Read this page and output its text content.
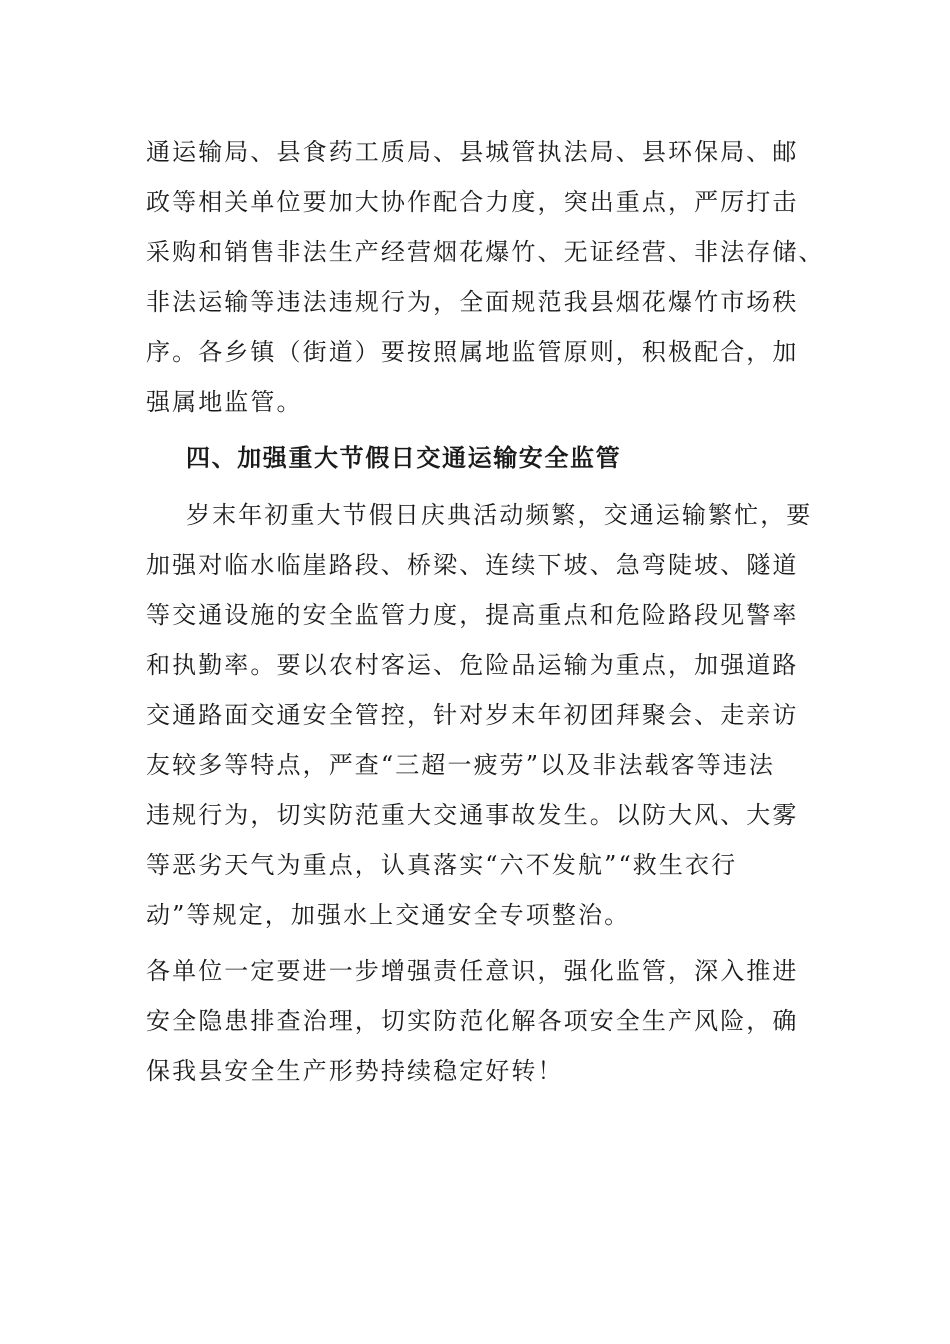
通运输局、县食药工质局、县城管执法局、县环保局、邮
政等相关单位要加大协作配合力度，突出重点，严厉打击
采购和销售非法生产经营烟花爆竹、无证经营、非法存储、
非法运输等违法违规行为，全面规范我县烟花爆竹市场秩
序。各乡镇（街道）要按照属地监管原则，积极配合，加
强属地监管。
四、加强重大节假日交通运输安全监管
岁末年初重大节假日庆典活动频繁，交通运输繁忙，要
加强对临水临崖路段、桥梁、连续下坡、急弯陡坡、隧道
等交通设施的安全监管力度，提高重点和危险路段见警率
和执勤率。要以农村客运、危险品运输为重点，加强道路
交通路面交通安全管控，针对岁末年初团拜聚会、走亲访
友较多等特点，严查“三超一疲劳”以及非法载客等违法
违规行为，切实防范重大交通事故发生。以防大风、大雾
等恶劣天气为重点，认真落实“六不发航”“救生衣行
动”等规定，加强水上交通安全专项整治。
各单位一定要进一步增强责任意识，强化监管，深入推进
安全隐患排查治理，切实防范化解各项安全生产风险，确
保我县安全生产形势持续稳定好转！
